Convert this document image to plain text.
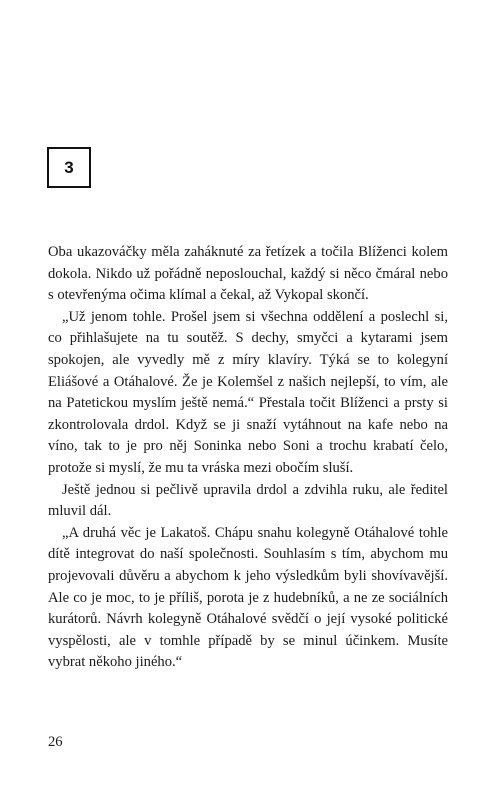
3

Oba ukazováčky měla zaháknuté za řetízek a točila Blíženci kolem dokola. Nikdo už pořádně neposlouchal, každý si něco čmáral nebo s otevřenýma očima klímal a čekal, až Vykopal skončí.

„Už jenom tohle. Prošel jsem si všechna oddělení a poslechl si, co přihlašujete na tu soutěž. S dechy, smyčci a kytarami jsem spokojen, ale vyvedly mě z míry klavíry. Týká se to kolegyní Eliášové a Otáhalové. Že je Kolemšel z našich nejlepší, to vím, ale na Patetickou myslím ještě nemá.“ Přestala točit Blíženci a prsty si zkontrolovala drdol. Když se ji snaží vytáhnout na kafe nebo na víno, tak to je pro něj Soninka nebo Soni a trochu krabatí čelo, protože si myslí, že mu ta vráska mezi obočím sluší.

Ještě jednou si pečlivě upravila drdol a zdvihla ruku, ale ředitel mluvil dál.

„A druhá věc je Lakatoš. Chápu snahu kolegyně Otáhalové tohle dítě integrovat do naší společnosti. Souhlasím s tím, abychom mu projevovali důvěru a abychom k jeho výsledkům byli shovívavější. Ale co je moc, to je příliš, porota je z hudebníků, a ne ze sociálních kurátorů. Návrh kolegyně Otáhalové svědčí o její vysoké politické vyspělosti, ale v tomhle případě by se minul účinkem. Musíte vybrat někoho jiného.“

26
